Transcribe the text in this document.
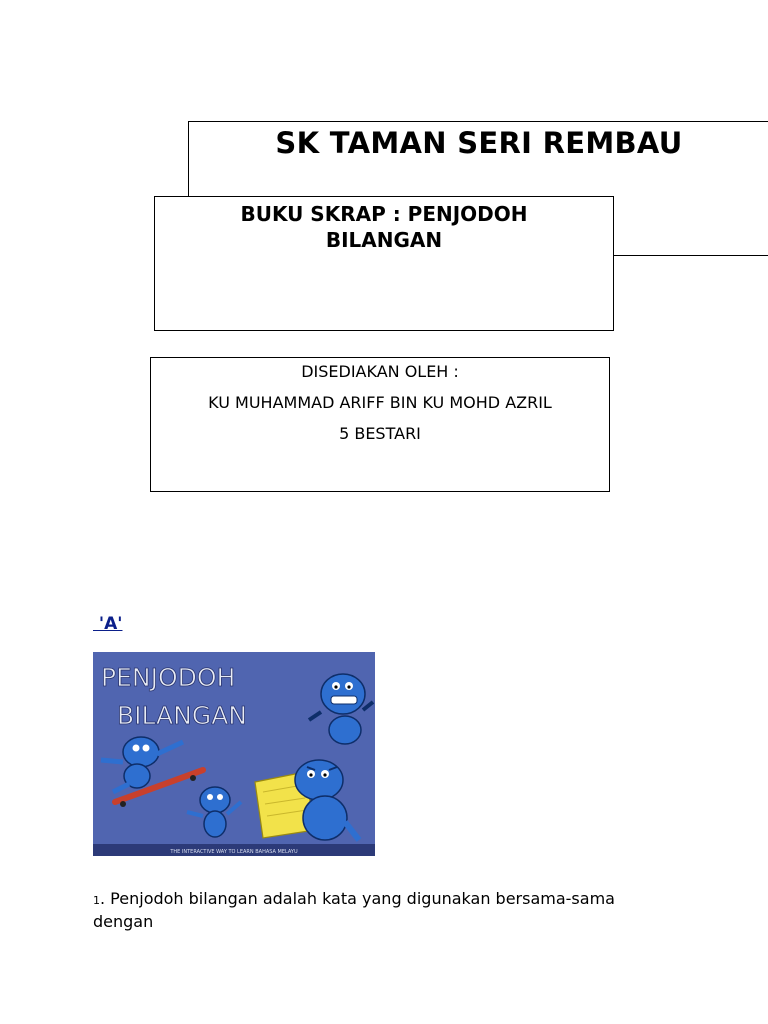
SK TAMAN SERI REMBAU
BUKU SKRAP : PENJODOH
BILANGAN
DISEDIAKAN OLEH :
KU MUHAMMAD ARIFF BIN KU MOHD AZRIL
5 BESTARI
'A'
PENJODOH
BILANGAN
THE INTERACTIVE WAY TO LEARN BAHASA MELAYU
1. Penjodoh bilangan adalah kata yang digunakan bersama-sama dengan
